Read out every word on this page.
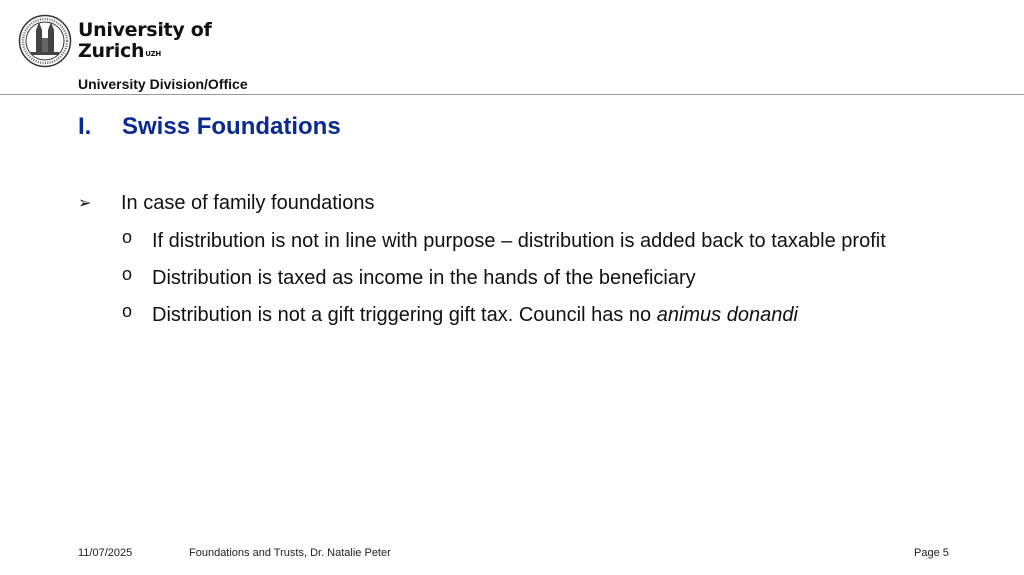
University of
Zurich$^{UZH}$
University Division/Office
I. Swiss Foundations
➢ In case of family foundations
o If distribution is not in line with purpose – distribution is added back to taxable profit
o Distribution is taxed as income in the hands of the beneficiary
o Distribution is not a gift triggering gift tax. Council has no animus donandi
11/07/2025	Foundations and Trusts, Dr. Natalie Peter	Page 5
